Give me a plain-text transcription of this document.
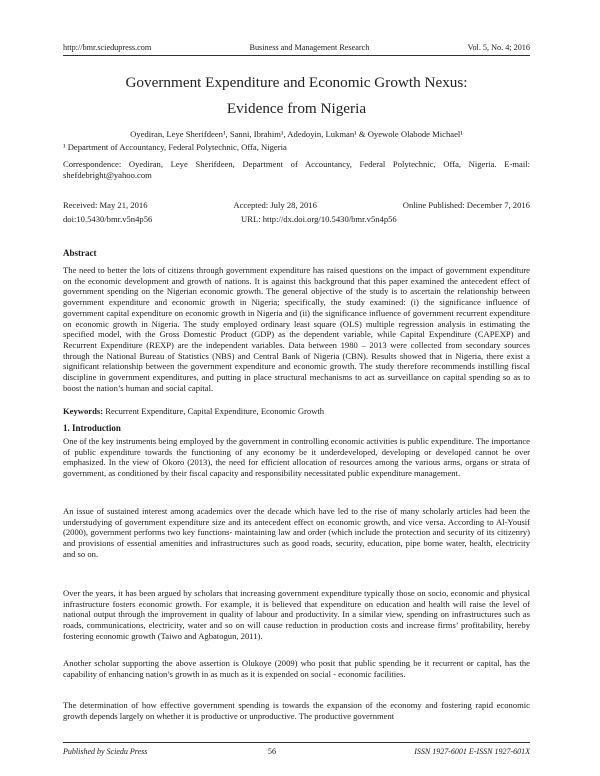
http://bmr.sciedupress.com	Business and Management Research	Vol. 5, No. 4; 2016
Government Expenditure and Economic Growth Nexus:
Evidence from Nigeria
Oyediran, Leye Sherifdeen¹, Sanni, Ibrahim¹, Adedoyin, Lukman¹ & Oyewole Olabode Michael¹
¹ Department of Accountancy, Federal Polytechnic, Offa, Nigeria
Correspondence: Oyediran, Leye Sherifdeen, Department of Accountancy, Federal Polytechnic, Offa, Nigeria. E-mail: shefdebright@yahoo.com
Received: May 21, 2016	Accepted: July 28, 2016	Online Published: December 7, 2016
doi:10.5430/bmr.v5n4p56	URL: http://dx.doi.org/10.5430/bmr.v5n4p56
Abstract
The need to better the lots of citizens through government expenditure has raised questions on the impact of government expenditure on the economic development and growth of nations. It is against this background that this paper examined the antecedent effect of government spending on the Nigerian economic growth. The general objective of the study is to ascertain the relationship between government expenditure and economic growth in Nigeria; specifically, the study examined: (i) the significance influence of government capital expenditure on economic growth in Nigeria and (ii) the significance influence of government recurrent expenditure on economic growth in Nigeria. The study employed ordinary least square (OLS) multiple regression analysis in estimating the specified model, with the Gross Domestic Product (GDP) as the dependent variable, while Capital Expenditure (CAPEXP) and Recurrent Expenditure (REXP) are the independent variables. Data between 1980 – 2013 were collected from secondary sources through the National Bureau of Statistics (NBS) and Central Bank of Nigeria (CBN). Results showed that in Nigeria, there exist a significant relationship between the government expenditure and economic growth. The study therefore recommends instilling fiscal discipline in government expenditures, and putting in place structural mechanisms to act as surveillance on capital spending so as to boost the nation’s human and social capital.
Keywords: Recurrent Expenditure, Capital Expenditure, Economic Growth
1. Introduction
One of the key instruments being employed by the government in controlling economic activities is public expenditure. The importance of public expenditure towards the functioning of any economy be it underdeveloped, developing or developed cannot be over emphasized. In the view of Okoro (2013), the need for efficient allocation of resources among the various arms, organs or strata of government, as conditioned by their fiscal capacity and responsibility necessitated public expenditure management.
An issue of sustained interest among academics over the decade which have led to the rise of many scholarly articles had been the understudying of government expenditure size and its antecedent effect on economic growth, and vice versa. According to Al-Yousif (2000), government performs two key functions- maintaining law and order (which include the protection and security of its citizenry) and provisions of essential amenities and infrastructures such as good roads, security, education, pipe borne water, health, electricity and so on.
Over the years, it has been argued by scholars that increasing government expenditure typically those on socio, economic and physical infrastructure fosters economic growth. For example, it is believed that expenditure on education and health will raise the level of national output through the improvement in quality of labour and productivity. In a similar view, spending on infrastructures such as roads, communications, electricity, water and so on will cause reduction in production costs and increase firms’ profitability, hereby fostering economic growth (Taiwo and Agbatogun, 2011).
Another scholar supporting the above assertion is Olukoye (2009) who posit that public spending be it recurrent or capital, has the capability of enhancing nation’s growth in as much as it is expended on social - economic facilities.
The determination of how effective government spending is towards the expansion of the economy and fostering rapid economic growth depends largely on whether it is productive or unproductive. The productive government
Published by Sciedu Press	56	ISSN 1927-6001 E-ISSN 1927-601X
